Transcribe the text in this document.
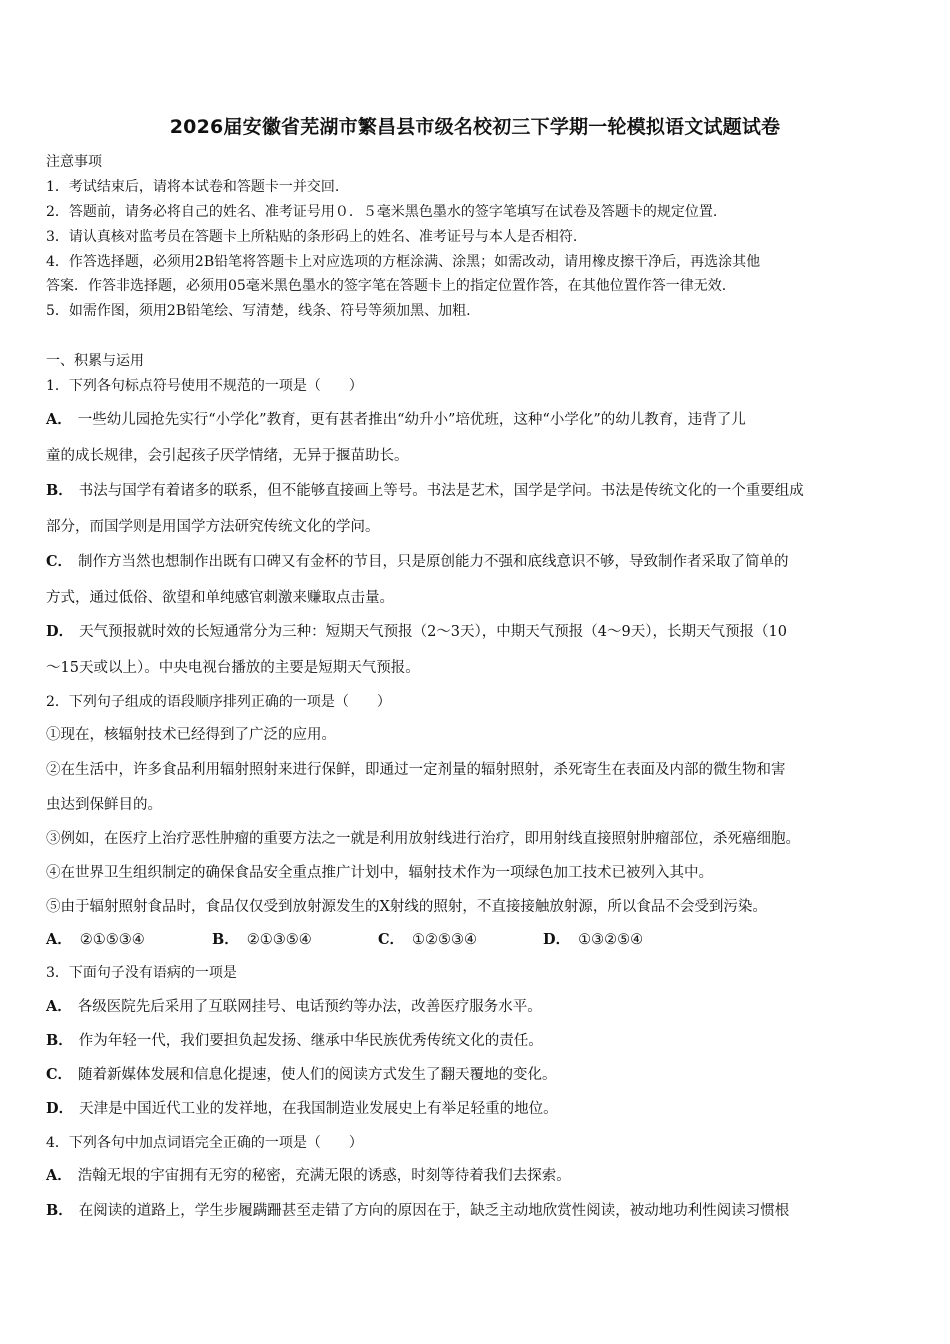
2026届安徽省芜湖市繁昌县市级名校初三下学期一轮模拟语文试题试卷
注意事项
1．考试结束后，请将本试卷和答题卡一并交回.
2．答题前，请务必将自己的姓名、准考证号用０．５毫米黑色墨水的签字笔填写在试卷及答题卡的规定位置.
3．请认真核对监考员在答题卡上所粘贴的条形码上的姓名、准考证号与本人是否相符.
4．作答选择题，必须用2B铅笔将答题卡上对应选项的方框涂满、涂黑；如需改动，请用橡皮擦干净后，再选涂其他
答案．作答非选择题，必须用05毫米黑色墨水的签字笔在答题卡上的指定位置作答，在其他位置作答一律无效.
5．如需作图，须用2B铅笔绘、写清楚，线条、符号等须加黑、加粗.
一、积累与运用
1．下列各句标点符号使用不规范的一项是（　　）
A． 一些幼儿园抢先实行“小学化”教育，更有甚者推出“幼升小”培优班，这种“小学化”的幼儿教育，违背了儿
童的成长规律，会引起孩子厌学情绪，无异于揠苗助长。
B． 书法与国学有着诸多的联系，但不能够直接画上等号。书法是艺术，国学是学问。书法是传统文化的一个重要组成
部分，而国学则是用国学方法研究传统文化的学问。
C． 制作方当然也想制作出既有口碑又有金杯的节目，只是原创能力不强和底线意识不够，导致制作者采取了简单的
方式，通过低俗、欲望和单纯感官刺激来赚取点击量。
D． 天气预报就时效的长短通常分为三种：短期天气预报（2～3天），中期天气预报（4～9天），长期天气预报（10
～15天或以上）。中央电视台播放的主要是短期天气预报。
2．下列句子组成的语段顺序排列正确的一项是（　　）
①现在，核辐射技术已经得到了广泛的应用。
②在生活中，许多食品利用辐射照射来进行保鲜，即通过一定剂量的辐射照射，杀死寄生在表面及内部的微生物和害
虫达到保鲜目的。
③例如，在医疗上治疗恶性肿瘤的重要方法之一就是利用放射线进行治疗，即用射线直接照射肿瘤部位，杀死癌细胞。
④在世界卫生组织制定的确保食品安全重点推广计划中，辐射技术作为一项绿色加工技术已被列入其中。
⑤由于辐射照射食品时，食品仅仅受到放射源发生的X射线的照射，不直接接触放射源，所以食品不会受到污染。
A． ②①⑤③④	B． ②①③⑤④	C． ①②⑤③④	D． ①③②⑤④
3．下面句子没有语病的一项是
A． 各级医院先后采用了互联网挂号、电话预约等办法，改善医疗服务水平。
B． 作为年轻一代，我们要担负起发扬、继承中华民族优秀传统文化的责任。
C． 随着新媒体发展和信息化提速，使人们的阅读方式发生了翻天覆地的变化。
D． 天津是中国近代工业的发祥地，在我国制造业发展史上有举足轻重的地位。
4．下列各句中加点词语完全正确的一项是（　　）
A． 浩翰无垠的宇宙拥有无穷的秘密，充满无限的诱惑，时刻等待着我们去探索。
B． 在阅读的道路上，学生步履蹒跚甚至走错了方向的原因在于，缺乏主动地欣赏性阅读，被动地功利性阅读习惯根
